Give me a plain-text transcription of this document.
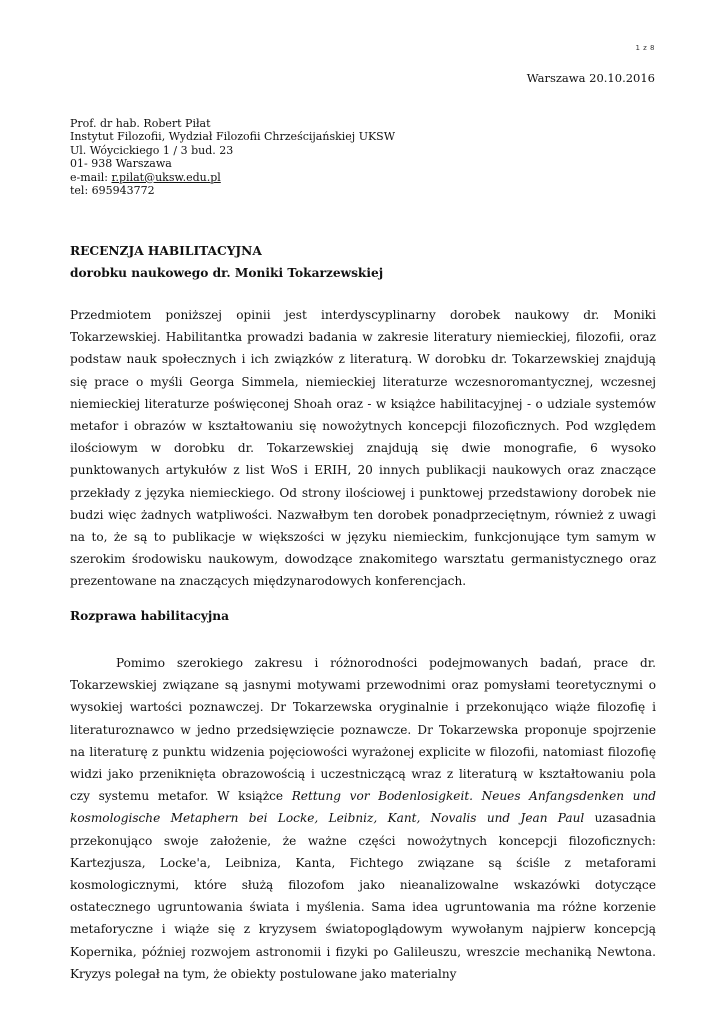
1 z 8
Warszawa 20.10.2016
Prof. dr hab. Robert Piłat
Instytut Filozofii, Wydział Filozofii Chrześcijańskiej UKSW
Ul. Wóycickiego 1 / 3 bud. 23
01- 938 Warszawa
e-mail: r.pilat@uksw.edu.pl
tel: 695943772
RECENZJA HABILITACYJNA
dorobku naukowego dr. Moniki Tokarzewskiej

Przedmiotem poniższej opinii jest interdyscyplinarny dorobek naukowy dr. Moniki Tokarzewskiej. Habilitantka prowadzi badania w zakresie literatury niemieckiej, filozofii, oraz podstaw nauk społecznych i ich związków z literaturą. W dorobku dr. Tokarzewskiej znajdują się prace o myśli Georga Simmela, niemieckiej literaturze wczesnoromantycznej, wczesnej niemieckiej literaturze poświęconej Shoah oraz - w książce habilitacyjnej - o udziale systemów metafor i obrazów w kształtowaniu się nowożytnych koncepcji filozoficznych. Pod względem ilościowym w dorobku dr. Tokarzewskiej znajdują się dwie monografie, 6 wysoko punktowanych artykułów z list WoS i ERIH, 20 innych publikacji naukowych oraz znaczące przekłady z języka niemieckiego. Od strony ilościowej i punktowej przedstawiony dorobek nie budzi więc żadnych watpliwości. Nazwałbym ten dorobek ponadprzeciętnym, również z uwagi na to, że są to publikacje w większości w języku niemieckim, funkcjonujące tym samym w szerokim środowisku naukowym, dowodzące znakomitego warsztatu germanistycznego oraz prezentowane na znaczących międzynarodowych konferencjach.

Rozprawa habilitacyjna

Pomimo szerokiego zakresu i różnorodności podejmowanych badań, prace dr. Tokarzewskiej związane są jasnymi motywami przewodnimi oraz pomysłami teoretycznymi o wysokiej wartości poznawczej. Dr Tokarzewska oryginalnie i przekonująco wiąże filozofię i literaturoznawco w jedno przedsięwzięcie poznawcze. Dr Tokarzewska proponuje spojrzenie na literaturę z punktu widzenia pojęciowości wyrażonej explicite w filozofii, natomiast filozofię widzi jako przeniknięta obrazowością i uczestniczącą wraz z literaturą w kształtowaniu pola czy systemu metafor. W książce Rettung vor Bodenlosigkeit. Neues Anfangsdenken und kosmologische Metaphern bei Locke, Leibniz, Kant, Novalis und Jean Paul uzasadnia przekonująco swoje założenie, że ważne części nowożytnych koncepcji filozoficznych: Kartezjusza, Locke'a, Leibniza, Kanta, Fichtego związane są ściśle z metaforami kosmologicznymi, które służą filozofom jako nieanalizowalne wskazówki dotyczące ostatecznego ugruntowania świata i myślenia. Sama idea ugruntowania ma różne korzenie metaforyczne i wiąże się z kryzysem światopoglądowym wywołanym najpierw koncepcją Kopernika, później rozwojem astronomii i fizyki po Galileuszu, wreszcie mechaniką Newtona. Kryzys polegał na tym, że obiekty postulowane jako materialny
